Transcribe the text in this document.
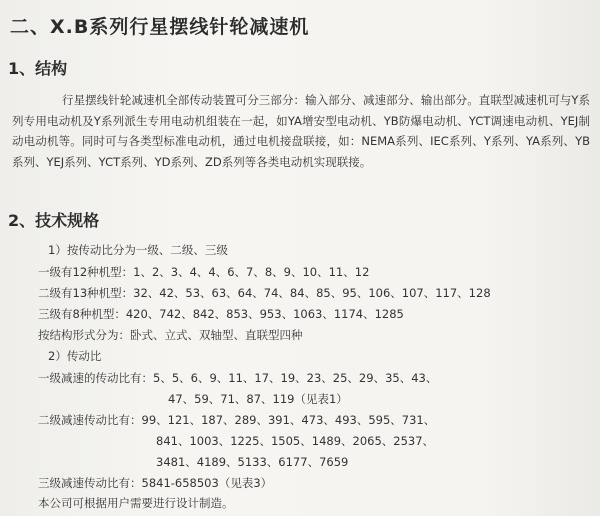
二、X.B系列行星摆线针轮减速机
1、结构
行星摆线针轮减速机全部传动装置可分三部分：输入部分、减速部分、输出部分。直联型减速机可与Y系列专用电动机及Y系列派生专用电动机组装在一起，如YA增安型电动机、YB防爆电动机、YCT调速电动机、YEJ制动电动机等。同时可与各类型标准电动机，通过电机接盘联接，如：NEMA系列、IEC系列、Y系列、YA系列、YB系列、YEJ系列、YCT系列、YD系列、ZD系列等各类电动机实现联接。
2、技术规格
1）按传动比分为一级、二级、三级
一级有12种机型：1、2、3、4、4、6、7、8、9、10、11、12
二级有13种机型：32、42、53、63、64、74、84、85、95、106、107、117、128
三级有8种机型：420、742、842、853、953、1063、1174、1285
按结构形式分为：卧式、立式、双轴型、直联型四种
2）传动比
一级减速的传动比有：5、5、6、9、11、17、19、23、25、29、35、43、
47、59、71、87、119（见表1）
二级减速传动比有：99、121、187、289、391、473、493、595、731、
841、1003、1225、1505、1489、2065、2537、
3481、4189、5133、6177、7659
三级减速传动比有：5841-658503（见表3）
本公司可根据用户需要进行设计制造。
